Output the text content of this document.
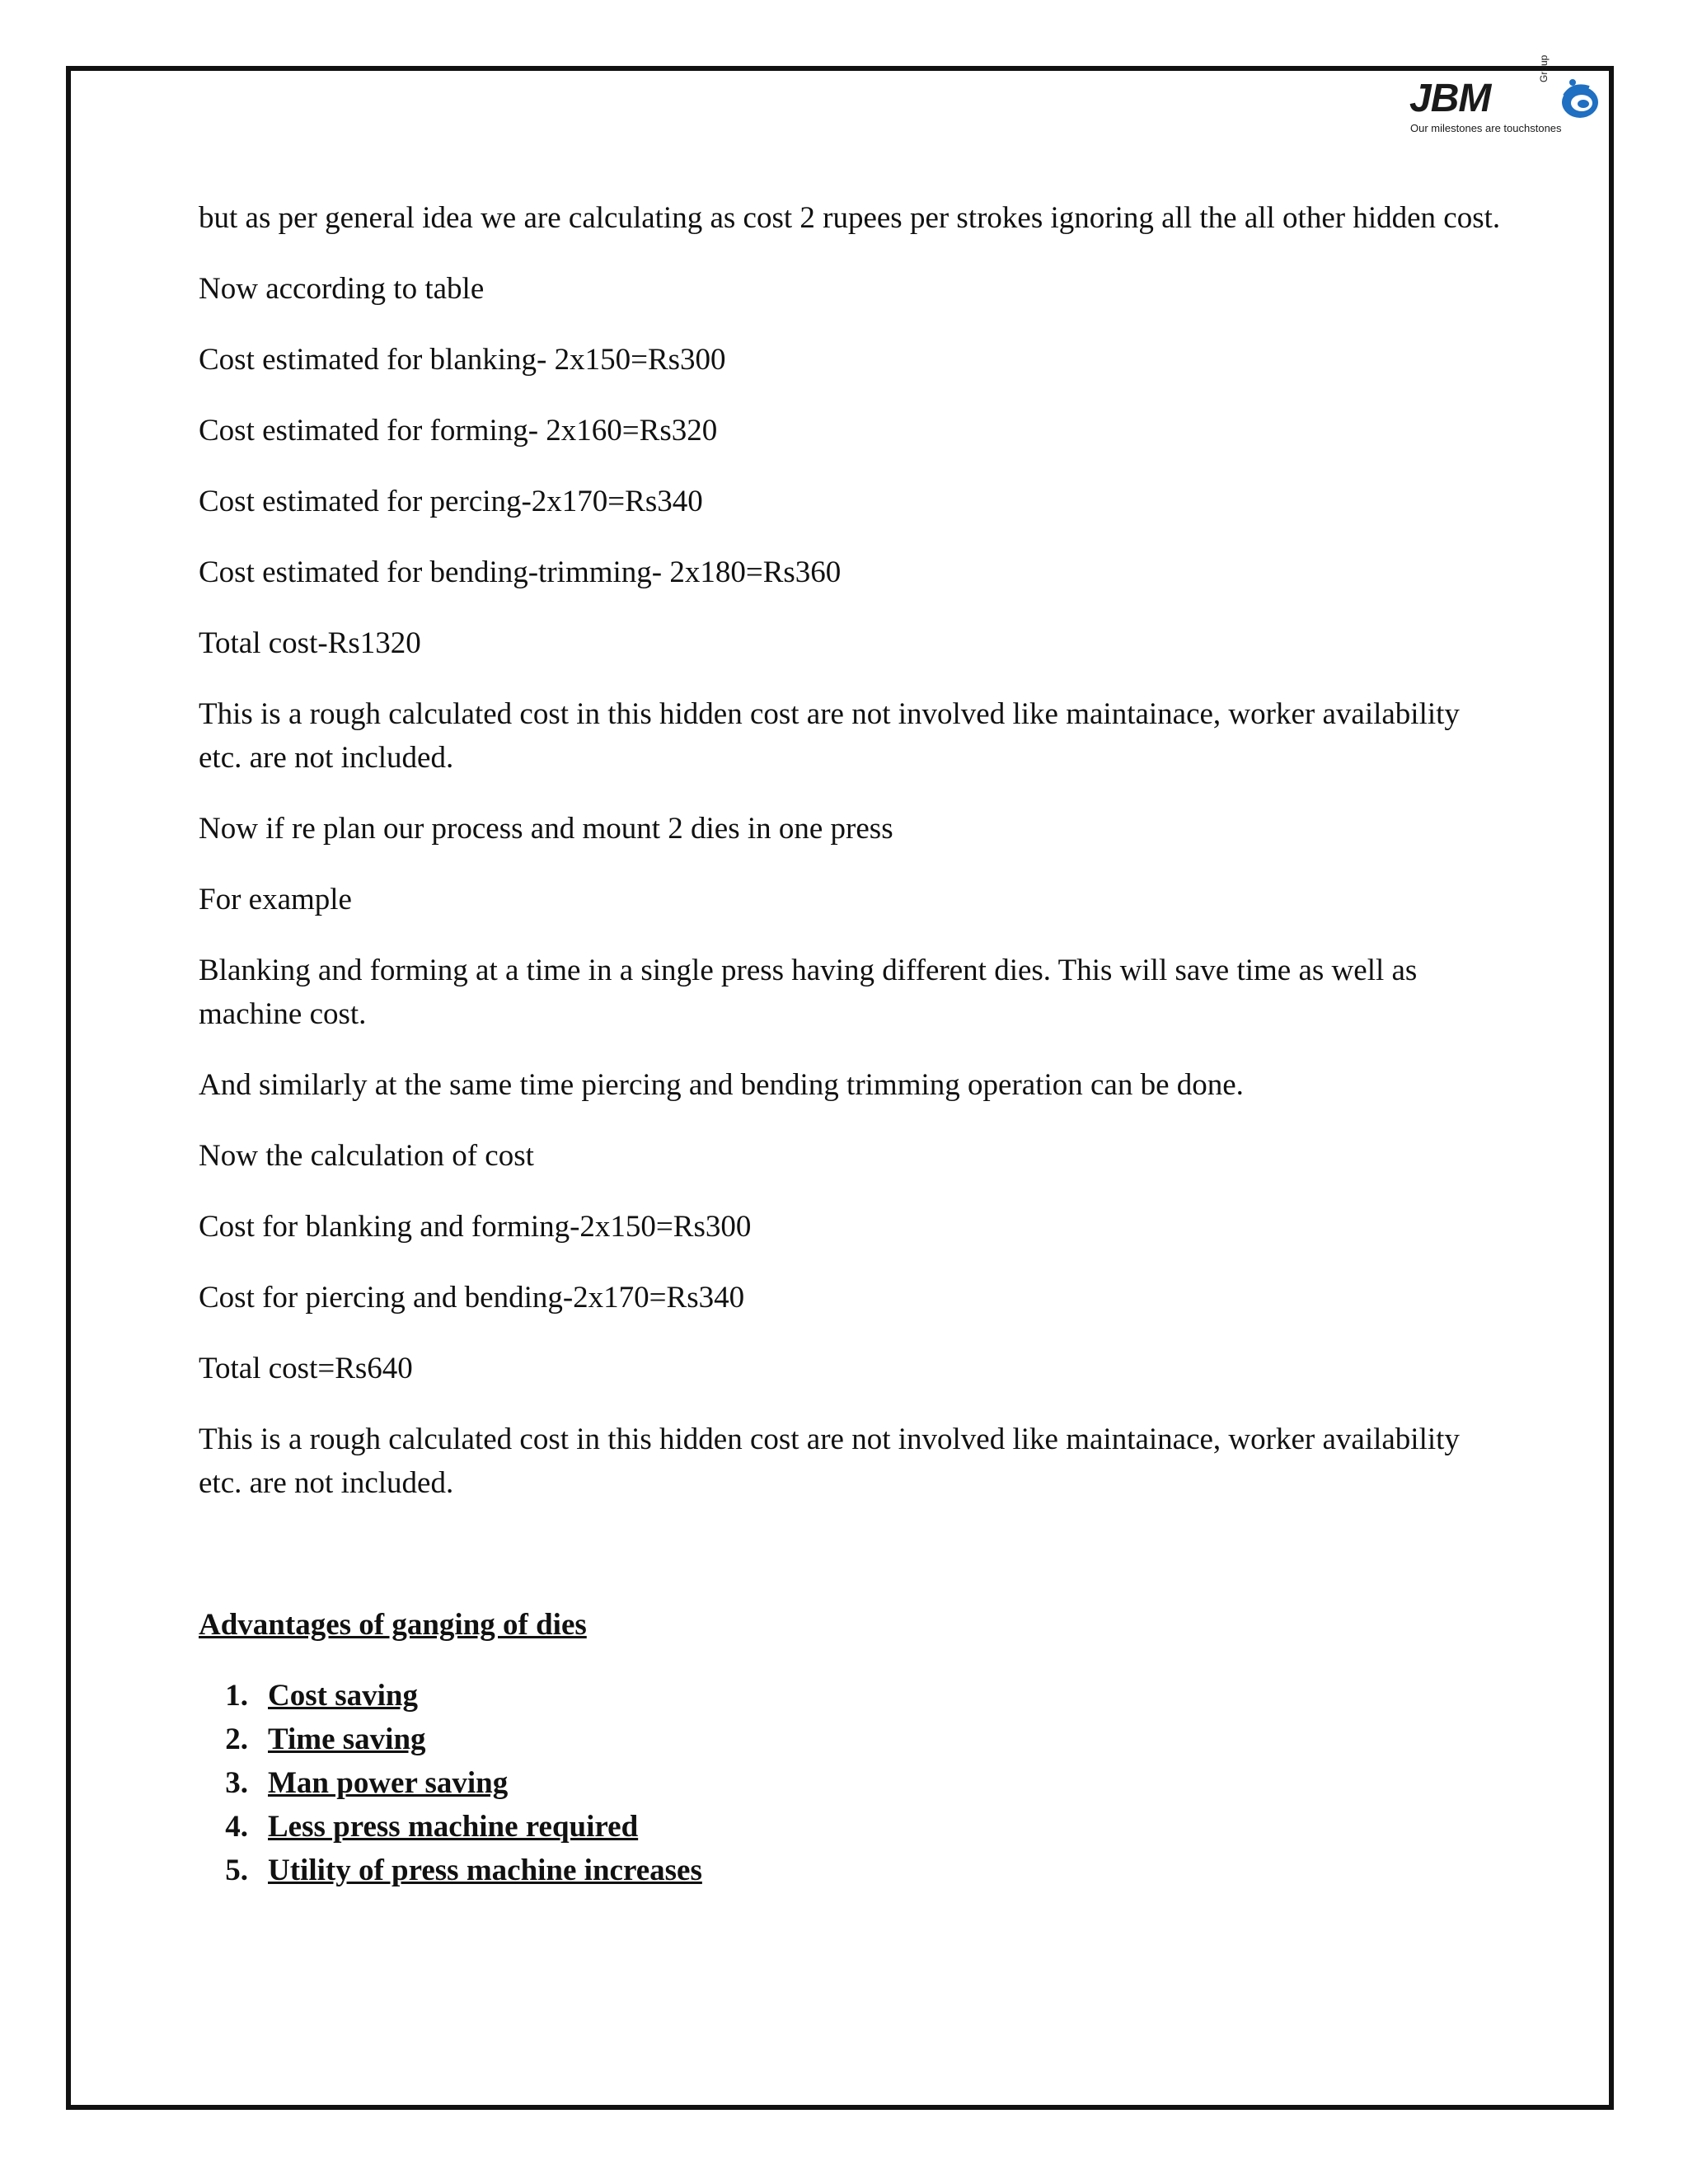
JBM
Group
Our milestones are touchstones

but as per general idea we are calculating as cost 2 rupees per strokes ignoring all the all other hidden cost.

Now according to table

Cost estimated for blanking- 2x150=Rs300

Cost estimated for forming- 2x160=Rs320

Cost estimated for percing-2x170=Rs340

Cost estimated for bending-trimming- 2x180=Rs360

Total cost-Rs1320

This is a rough calculated cost in this hidden cost are not involved like maintainace, worker availability etc. are not included.

Now if re plan our process and mount 2 dies in one press

For example

Blanking and forming at a time in a single press having different dies. This will save time as well as machine cost.

And similarly at the same time piercing and bending trimming operation can be done.

Now the calculation of cost

Cost for blanking and forming-2x150=Rs300

Cost for piercing and bending-2x170=Rs340

Total cost=Rs640

This is a rough calculated cost in this hidden cost are not involved like maintainace, worker availability etc. are not included.

Advantages of ganging of dies
1. Cost saving
2. Time saving
3. Man power saving
4. Less press machine required
5. Utility of press machine increases
